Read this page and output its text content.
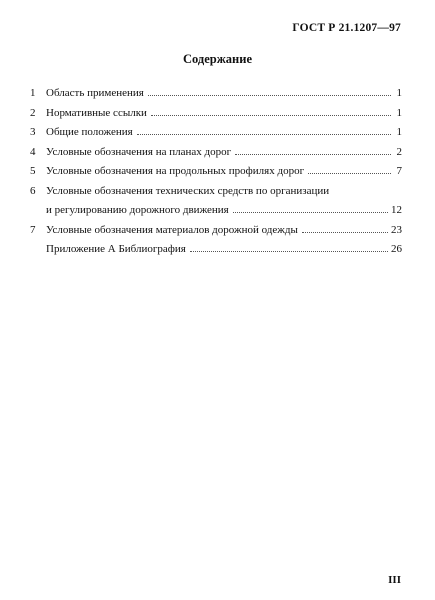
ГОСТ Р 21.1207—97
Содержание
1 Область применения	1
2 Нормативные ссылки	1
3 Общие положения	1
4 Условные обозначения на планах дорог	2
5 Условные обозначения на продольных профилях дорог	7
6 Условные обозначения технических средств по организации
и регулированию дорожного движения	12
7 Условные обозначения материалов дорожной одежды	23
Приложение А Библиография	26
III
